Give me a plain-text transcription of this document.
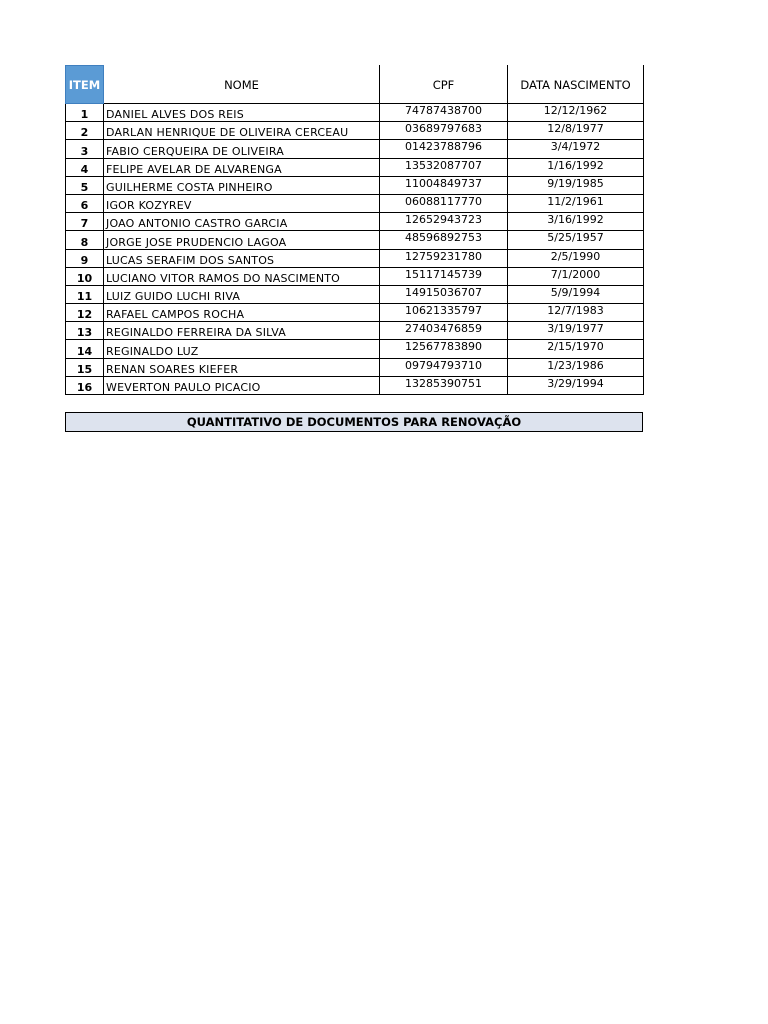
ITEM	NOME	CPF	DATA NASCIMENTO
1	DANIEL ALVES DOS REIS	74787438700	12/12/1962
2	DARLAN HENRIQUE DE OLIVEIRA CERCEAU	03689797683	12/8/1977
3	FABIO CERQUEIRA DE OLIVEIRA	01423788796	3/4/1972
4	FELIPE AVELAR DE ALVARENGA	13532087707	1/16/1992
5	GUILHERME COSTA PINHEIRO	11004849737	9/19/1985
6	IGOR KOZYREV	06088117770	11/2/1961
7	JOAO ANTONIO CASTRO GARCIA	12652943723	3/16/1992
8	JORGE JOSE PRUDENCIO LAGOA	48596892753	5/25/1957
9	LUCAS SERAFIM DOS SANTOS	12759231780	2/5/1990
10	LUCIANO VITOR RAMOS DO NASCIMENTO	15117145739	7/1/2000
11	LUIZ GUIDO LUCHI RIVA	14915036707	5/9/1994
12	RAFAEL CAMPOS ROCHA	10621335797	12/7/1983
13	REGINALDO FERREIRA DA SILVA	27403476859	3/19/1977
14	REGINALDO LUZ	12567783890	2/15/1970
15	RENAN SOARES KIEFER	09794793710	1/23/1986
16	WEVERTON PAULO PICACIO	13285390751	3/29/1994
QUANTITATIVO DE DOCUMENTOS PARA RENOVAÇÃO
